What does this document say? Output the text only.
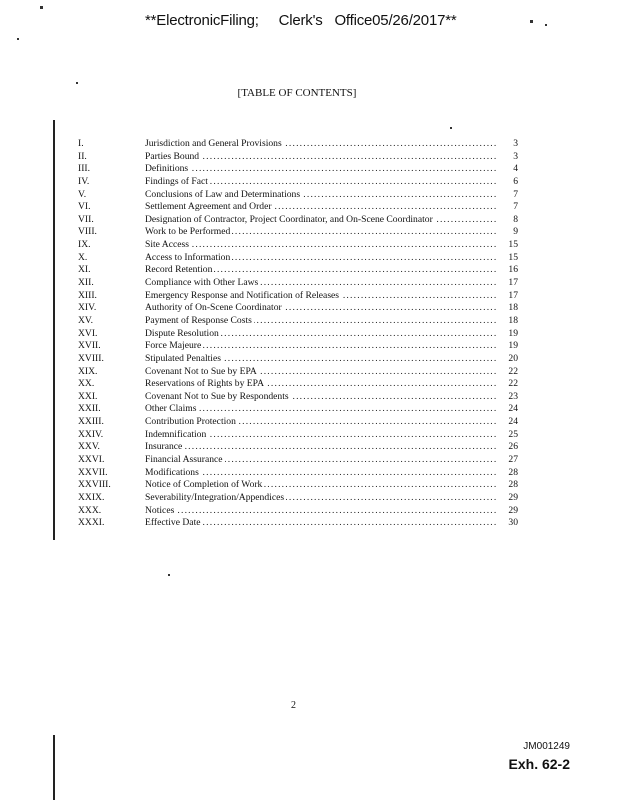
**ElectronicFiling;     Clerk's   Office05/26/2017**
[TABLE OF CONTENTS]
I.	Jurisdiction and General Provisions . . .	3
II.	Parties Bound . . .	3
III.	Definitions . . .	4
IV.	Findings of Fact . . .	6
V.	Conclusions of Law and Determinations . . .	7
VI.	Settlement Agreement and Order . . .	7
VII.	Designation of Contractor, Project Coordinator, and On-Scene Coordinator . . .	8
VIII.	Work to be Performed . . .	9
IX.	Site Access . . .	15
X.	Access to Information . . .	15
XI.	Record Retention . . .	16
XII.	Compliance with Other Laws . . .	17
XIII.	Emergency Response and Notification of Releases . . .	17
XIV.	Authority of On-Scene Coordinator . . .	18
XV.	Payment of Response Costs . . .	18
XVI.	Dispute Resolution . . .	19
XVII.	Force Majeure . . .	19
XVIII.	Stipulated Penalties . . .	20
XIX.	Covenant Not to Sue by EPA . . .	22
XX.	Reservations of Rights by EPA . . .	22
XXI.	Covenant Not to Sue by Respondents . . .	23
XXII.	Other Claims . . .	24
XXIII.	Contribution Protection . . .	24
XXIV.	Indemnification . . .	25
XXV.	Insurance . . .	26
XXVI.	Financial Assurance . . .	27
XXVII.	Modifications . . .	28
XXVIII.	Notice of Completion of Work . . .	28
XXIX.	Severability/Integration/Appendices . . .	29
XXX.	Notices . . .	29
XXXI.	Effective Date . . .	30
2
JM001249
Exh. 62-2
